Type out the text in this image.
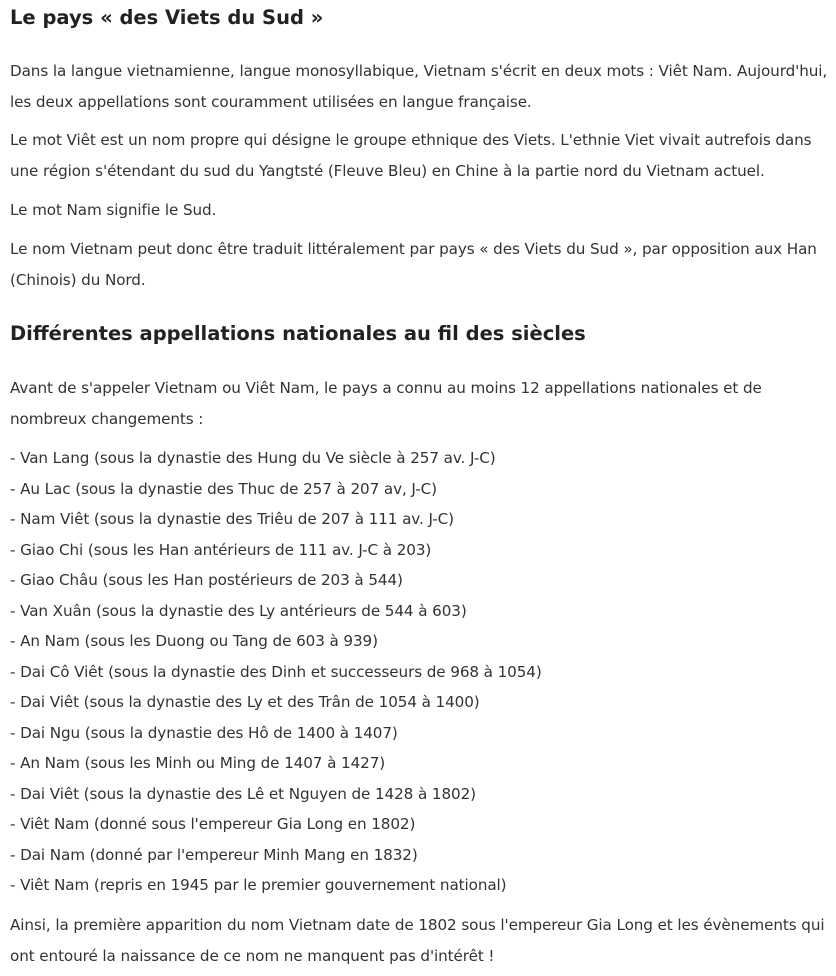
Le pays « des Viets du Sud »

Dans la langue vietnamienne, langue monosyllabique, Vietnam s'écrit en deux mots : Viêt Nam. Aujourd'hui, les deux appellations sont couramment utilisées en langue française.

Le mot Viêt est un nom propre qui désigne le groupe ethnique des Viets. L'ethnie Viet vivait autrefois dans une région s'étendant du sud du Yangtsté (Fleuve Bleu) en Chine à la partie nord du Vietnam actuel.

Le mot Nam signifie le Sud.

Le nom Vietnam peut donc être traduit littéralement par pays « des Viets du Sud », par opposition aux Han (Chinois) du Nord.

Différentes appellations nationales au fil des siècles

Avant de s'appeler Vietnam ou Viêt Nam, le pays a connu au moins 12 appellations nationales et de nombreux changements :

- Van Lang (sous la dynastie des Hung du Ve siècle à 257 av. J-C)
- Au Lac (sous la dynastie des Thuc de 257 à 207 av, J-C)
- Nam Viêt (sous la dynastie des Triêu de 207 à 111 av. J-C)
- Giao Chi (sous les Han antérieurs de 111 av. J-C à 203)
- Giao Châu (sous les Han postérieurs de 203 à 544)
- Van Xuân (sous la dynastie des Ly antérieurs de 544 à 603)
- An Nam (sous les Duong ou Tang de 603 à 939)
- Dai Cô Viêt (sous la dynastie des Dinh et successeurs de 968 à 1054)
- Dai Viêt (sous la dynastie des Ly et des Trân de 1054 à 1400)
- Dai Ngu (sous la dynastie des Hô de 1400 à 1407)
- An Nam (sous les Minh ou Ming de 1407 à 1427)
- Dai Viêt (sous la dynastie des Lê et Nguyen de 1428 à 1802)
- Viêt Nam (donné sous l'empereur Gia Long en 1802)
- Dai Nam (donné par l'empereur Minh Mang en 1832)
- Viêt Nam (repris en 1945 par le premier gouvernement national)

Ainsi, la première apparition du nom Vietnam date de 1802 sous l'empereur Gia Long et les évènements qui ont entouré la naissance de ce nom ne manquent pas d'intérêt !
